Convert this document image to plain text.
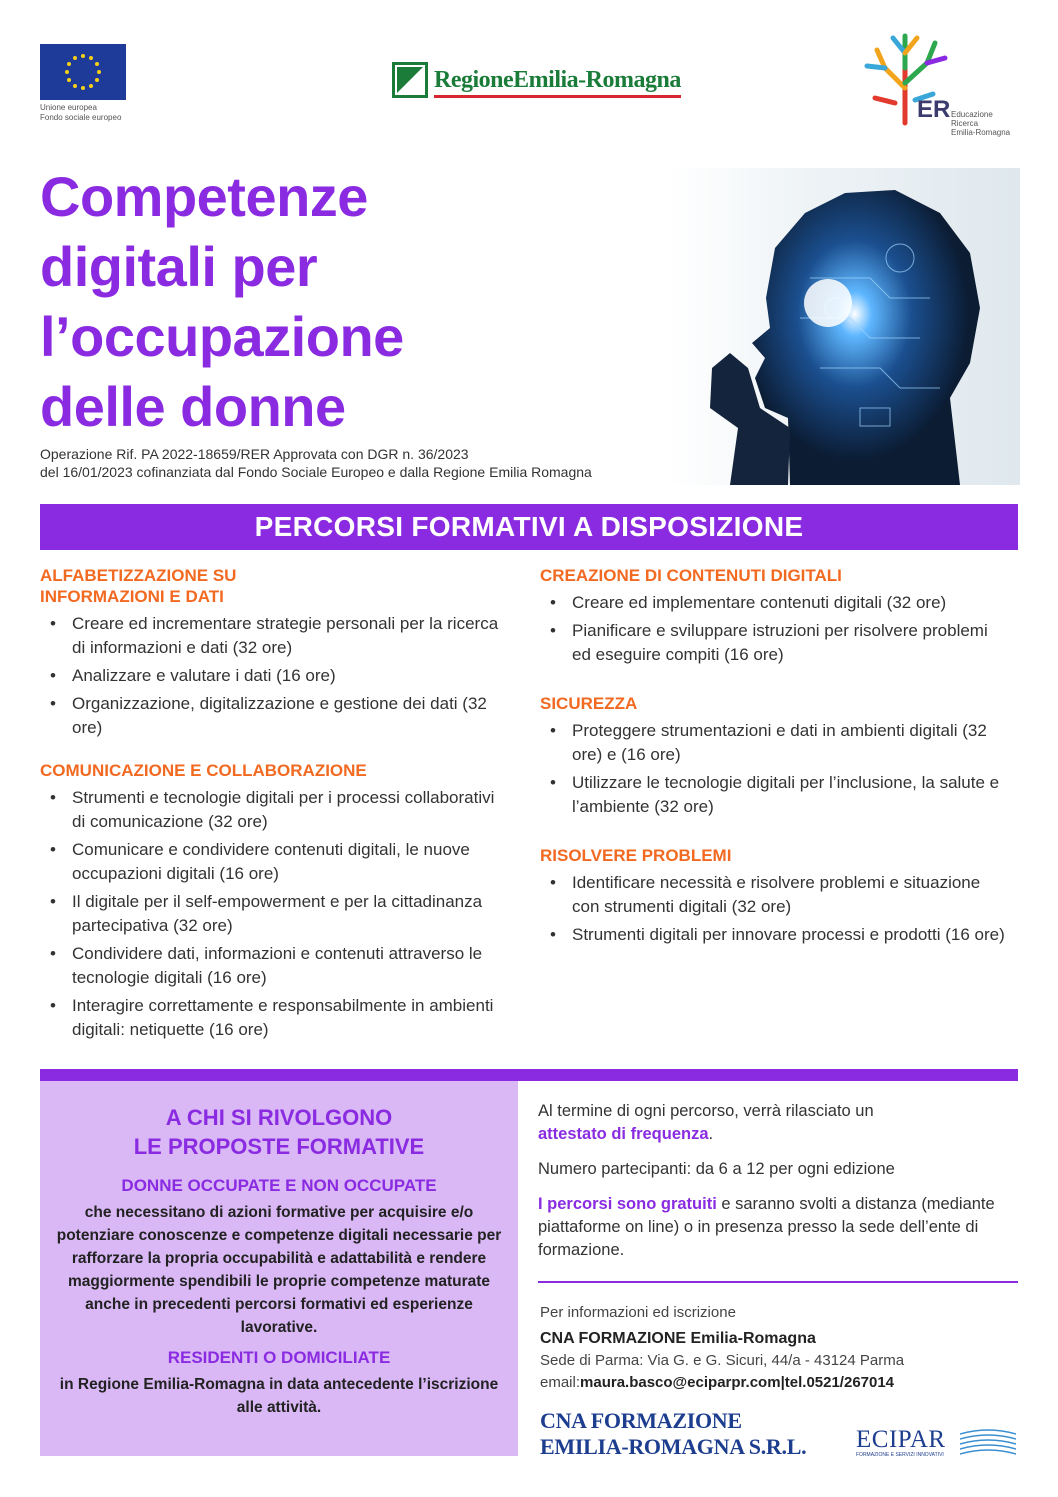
Unione europea
Fondo sociale europeo
RegioneEmilia-Romagna
ER Educazione
Ricerca
Emilia-Romagna
Competenze
digitali per
l’occupazione
delle donne
Operazione Rif. PA 2022-18659/RER Approvata con DGR n. 36/2023
del 16/01/2023 cofinanziata dal Fondo Sociale Europeo e dalla Regione Emilia Romagna
PERCORSI FORMATIVI A DISPOSIZIONE
ALFABETIZZAZIONE SU INFORMAZIONI E DATI
• Creare ed incrementare strategie personali per la ricerca di informazioni e dati (32 ore)
• Analizzare e valutare i dati (16 ore)
• Organizzazione, digitalizzazione e gestione dei dati (32 ore)
COMUNICAZIONE E COLLABORAZIONE
• Strumenti e tecnologie digitali per i processi collaborativi di comunicazione (32 ore)
• Comunicare e condividere contenuti digitali, le nuove occupazioni digitali (16 ore)
• Il digitale per il self-empowerment e per la cittadinanza partecipativa (32 ore)
• Condividere dati, informazioni e contenuti attraverso le tecnologie digitali (16 ore)
• Interagire correttamente e responsabilmente in ambienti digitali: netiquette (16 ore)
CREAZIONE DI CONTENUTI DIGITALI
• Creare ed implementare contenuti digitali (32 ore)
• Pianificare e sviluppare istruzioni per risolvere problemi ed eseguire compiti (16 ore)
SICUREZZA
• Proteggere strumentazioni e dati in ambienti digitali (32 ore) e (16 ore)
• Utilizzare le tecnologie digitali per l’inclusione, la salute e l’ambiente (32 ore)
RISOLVERE PROBLEMI
• Identificare necessità e risolvere problemi e situazione con strumenti digitali (32 ore)
• Strumenti digitali per innovare processi e prodotti (16 ore)
A CHI SI RIVOLGONO
LE PROPOSTE FORMATIVE
DONNE OCCUPATE E NON OCCUPATE
che necessitano di azioni formative per acquisire e/o potenziare conoscenze e competenze digitali necessarie per rafforzare la propria occupabilità e adattabilità e rendere maggiormente spendibili le proprie competenze maturate anche in precedenti percorsi formativi ed esperienze lavorative.
RESIDENTI O DOMICILIATE
in Regione Emilia-Romagna in data antecedente l’iscrizione alle attività.

Al termine di ogni percorso, verrà rilasciato un
attestato di frequenza.

Numero partecipanti: da 6 a 12 per ogni edizione

I percorsi sono gratuiti e saranno svolti a distanza (mediante piattaforme on line) o in presenza presso la sede dell’ente di formazione.

Per informazioni ed iscrizione
CNA FORMAZIONE Emilia-Romagna
Sede di Parma: Via G. e G. Sicuri, 44/a - 43124 Parma
email:maura.basco@eciparpr.com|tel.0521/267014
CNA FORMAZIONE
EMILIA-ROMAGNA S.R.L. ECIPAR
FORMAZIONE E SERVIZI INNOVATIVI
